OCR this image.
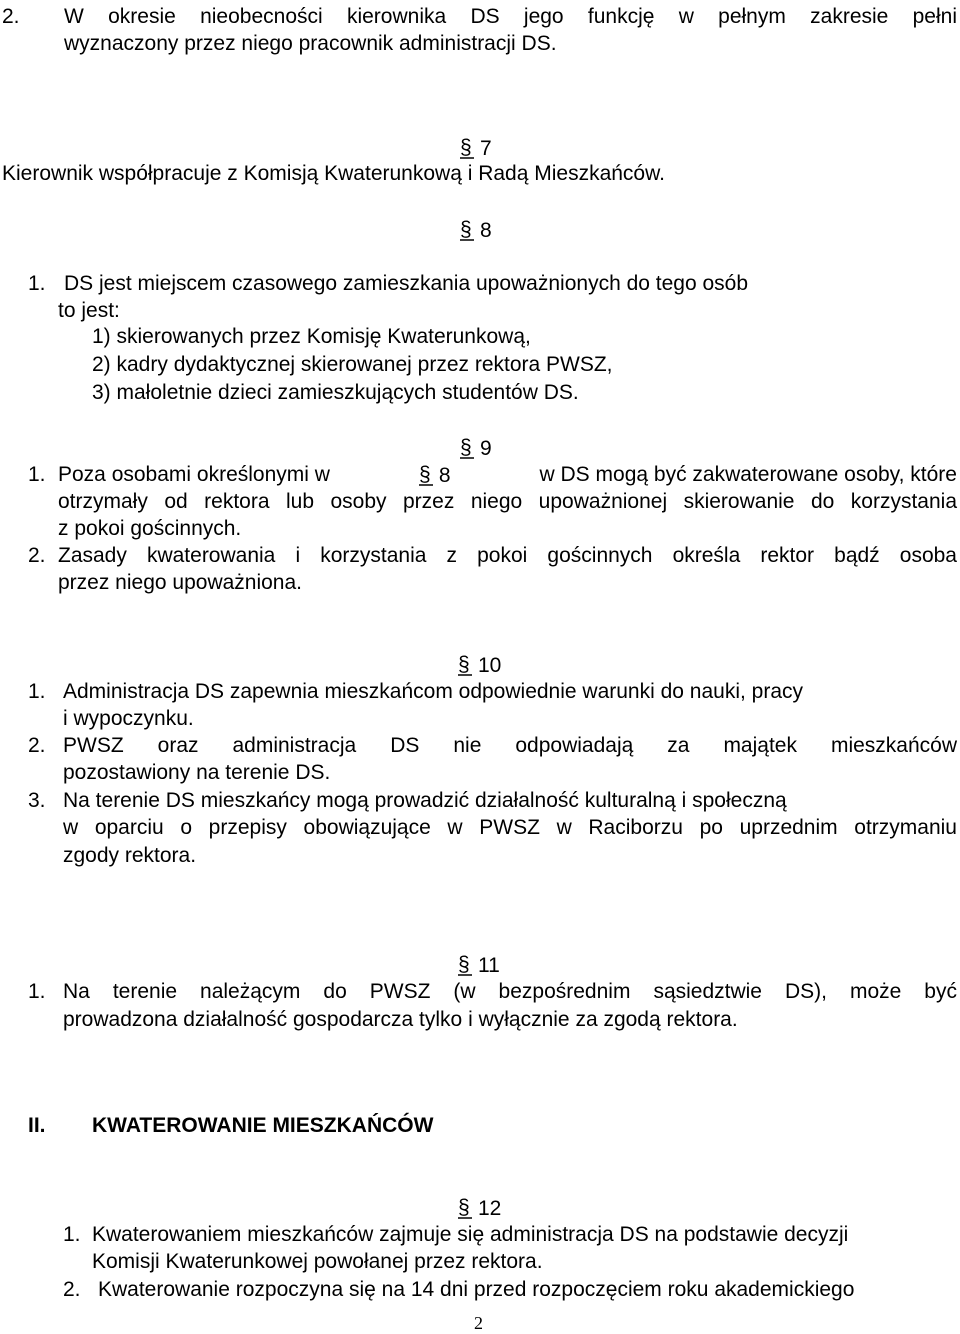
2. W okresie nieobecności kierownika DS jego funkcję w pełnym zakresie pełni
wyznaczony przez niego pracownik administracji DS.
§ 7
Kierownik współpracuje z Komisją Kwaterunkową i Radą Mieszkańców.
§ 8
1. DS jest miejscem czasowego zamieszkania upoważnionych do tego osób
to jest:
1) skierowanych przez Komisję Kwaterunkową,
2) kadry dydaktycznej skierowanej przez rektora PWSZ,
3) małoletnie dzieci zamieszkujących studentów DS.
§ 9
1. Poza osobami określonymi w	§ 8	w DS mogą być zakwaterowane osoby, które
otrzymały od rektora lub osoby przez niego upoważnionej skierowanie do korzystania
z pokoi gościnnych.
2. Zasady kwaterowania i korzystania z pokoi gościnnych określa rektor bądź osoba
przez niego upoważniona.
§ 10
1. Administracja DS zapewnia mieszkańcom odpowiednie warunki do nauki, pracy
i wypoczynku.
2. PWSZ oraz administracja DS nie odpowiadają za majątek mieszkańców
pozostawiony na terenie DS.
3. Na terenie DS mieszkańcy mogą prowadzić działalność kulturalną i społeczną
w oparciu o przepisy obowiązujące w PWSZ w Raciborzu po uprzednim otrzymaniu
zgody rektora.
§ 11
1. Na terenie należącym do PWSZ (w bezpośrednim sąsiedztwie DS), może być
prowadzona działalność gospodarcza tylko i wyłącznie za zgodą rektora.
II. KWATEROWANIE MIESZKAŃCÓW
§ 12
1. Kwaterowaniem mieszkańców zajmuje się administracja DS na podstawie decyzji
Komisji Kwaterunkowej powołanej przez rektora.
2. Kwaterowanie rozpoczyna się na 14 dni przed rozpoczęciem roku akademickiego
2
